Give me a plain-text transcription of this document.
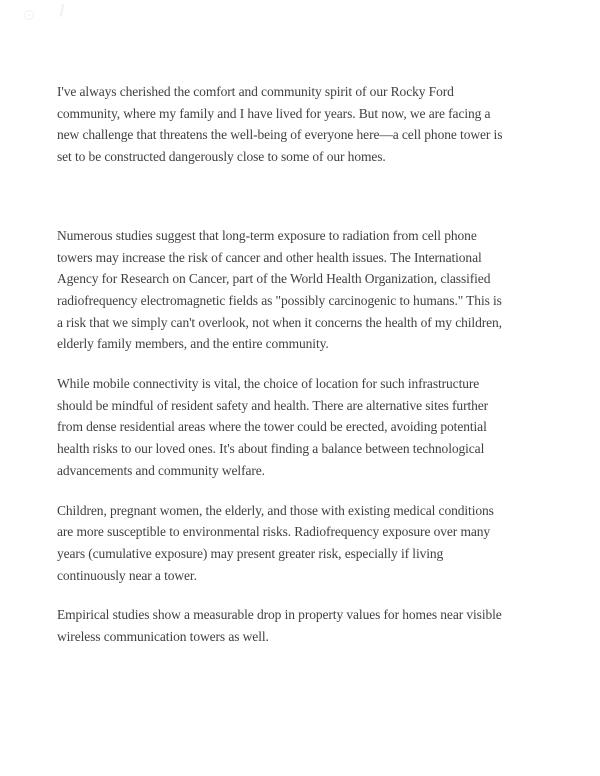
I've always cherished the comfort and community spirit of our Rocky Ford
community, where my family and I have lived for years. But now, we are facing a
new challenge that threatens the well-being of everyone here—a cell phone tower is
set to be constructed dangerously close to some of our homes.

Numerous studies suggest that long-term exposure to radiation from cell phone
towers may increase the risk of cancer and other health issues. The International
Agency for Research on Cancer, part of the World Health Organization, classified
radiofrequency electromagnetic fields as "possibly carcinogenic to humans." This is
a risk that we simply can't overlook, not when it concerns the health of my children,
elderly family members, and the entire community.

While mobile connectivity is vital, the choice of location for such infrastructure
should be mindful of resident safety and health. There are alternative sites further
from dense residential areas where the tower could be erected, avoiding potential
health risks to our loved ones. It's about finding a balance between technological
advancements and community welfare.

Children, pregnant women, the elderly, and those with existing medical conditions
are more susceptible to environmental risks. Radiofrequency exposure over many
years (cumulative exposure) may present greater risk, especially if living
continuously near a tower.

Empirical studies show a measurable drop in property values for homes near visible
wireless communication towers as well.
